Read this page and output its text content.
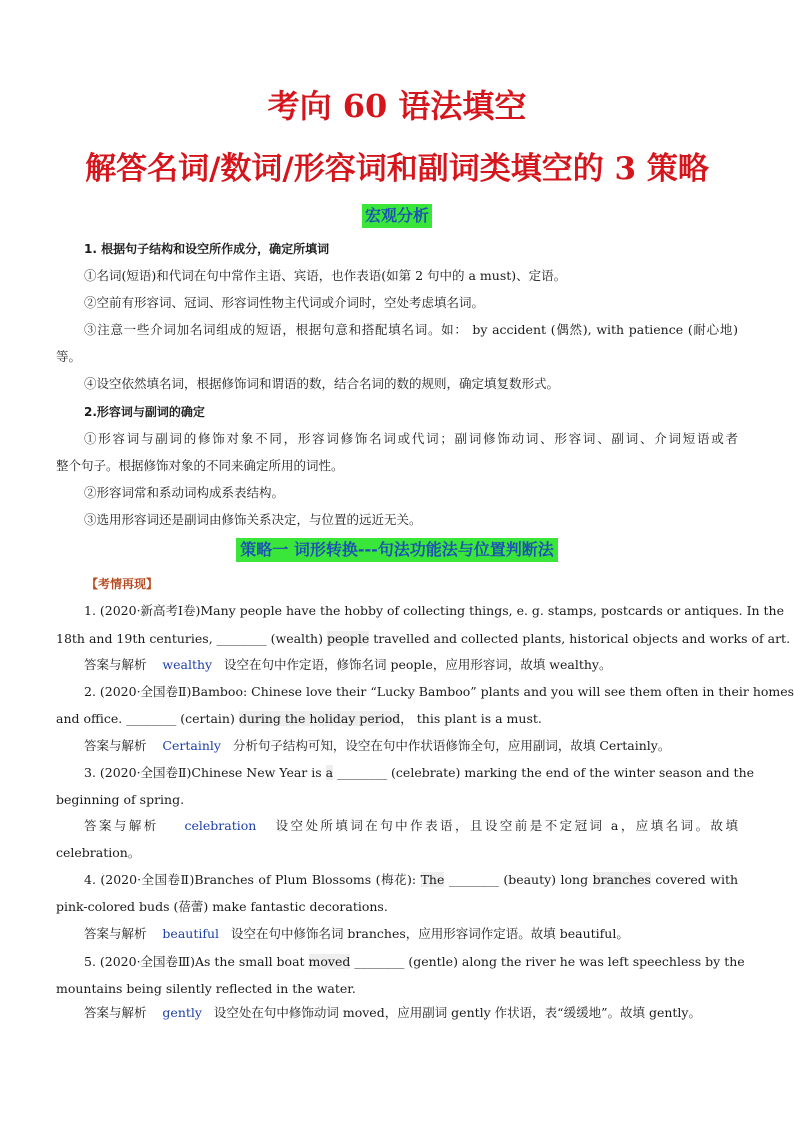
考向 60 语法填空
解答名词/数词/形容词和副词类填空的 3 策略
宏观分析
1. 根据句子结构和设空所作成分，确定所填词
①名词(短语)和代词在句中常作主语、宾语，也作表语(如第 2 句中的 a must)、定语。
②空前有形容词、冠词、形容词性物主代词或介词时，空处考虑填名词。
③注意一些介词加名词组成的短语，根据句意和搭配填名词。如： by accident (偶然), with patience (耐心地)
等。
④设空依然填名词，根据修饰词和谓语的数，结合名词的数的规则，确定填复数形式。
2.形容词与副词的确定
①形容词与副词的修饰对象不同，形容词修饰名词或代词；副词修饰动词、形容词、副词、介词短语或者
整个句子。根据修饰对象的不同来确定所用的词性。
②形容词常和系动词构成系表结构。
③选用形容词还是副词由修饰关系决定，与位置的远近无关。
策略一 词形转换---句法功能法与位置判断法
【考情再现】
1. (2020·新高考Ⅰ卷)Many people have the hobby of collecting things, e. g. stamps, postcards or antiques. In the
18th and 19th centuries, ________ (wealth) people travelled and collected plants, historical objects and works of art.
答案与解析 wealthy 设空在句中作定语，修饰名词 people，应用形容词，故填 wealthy。
2. (2020·全国卷Ⅱ)Bamboo: Chinese love their “Lucky Bamboo” plants and you will see them often in their homes
and office. ________ (certain) during the holiday period， this plant is a must.
答案与解析 Certainly 分析句子结构可知，设空在句中作状语修饰全句，应用副词，故填 Certainly。
3. (2020·全国卷Ⅱ)Chinese New Year is a ________ (celebrate) marking the end of the winter season and the
beginning of spring.
答案与解析 celebration 设空处所填词在句中作表语，且设空前是不定冠词 a，应填名词。故填
celebration。
4. (2020·全国卷Ⅱ)Branches of Plum Blossoms (梅花): The ________ (beauty) long branches covered with
pink-colored buds (蓓蕾) make fantastic decorations.
答案与解析 beautiful 设空在句中修饰名词 branches，应用形容词作定语。故填 beautiful。
5. (2020·全国卷Ⅲ)As the small boat moved ________ (gentle) along the river he was left speechless by the
mountains being silently reflected in the water.
答案与解析 gently 设空处在句中修饰动词 moved，应用副词 gently 作状语，表“缓缓地”。故填 gently。
